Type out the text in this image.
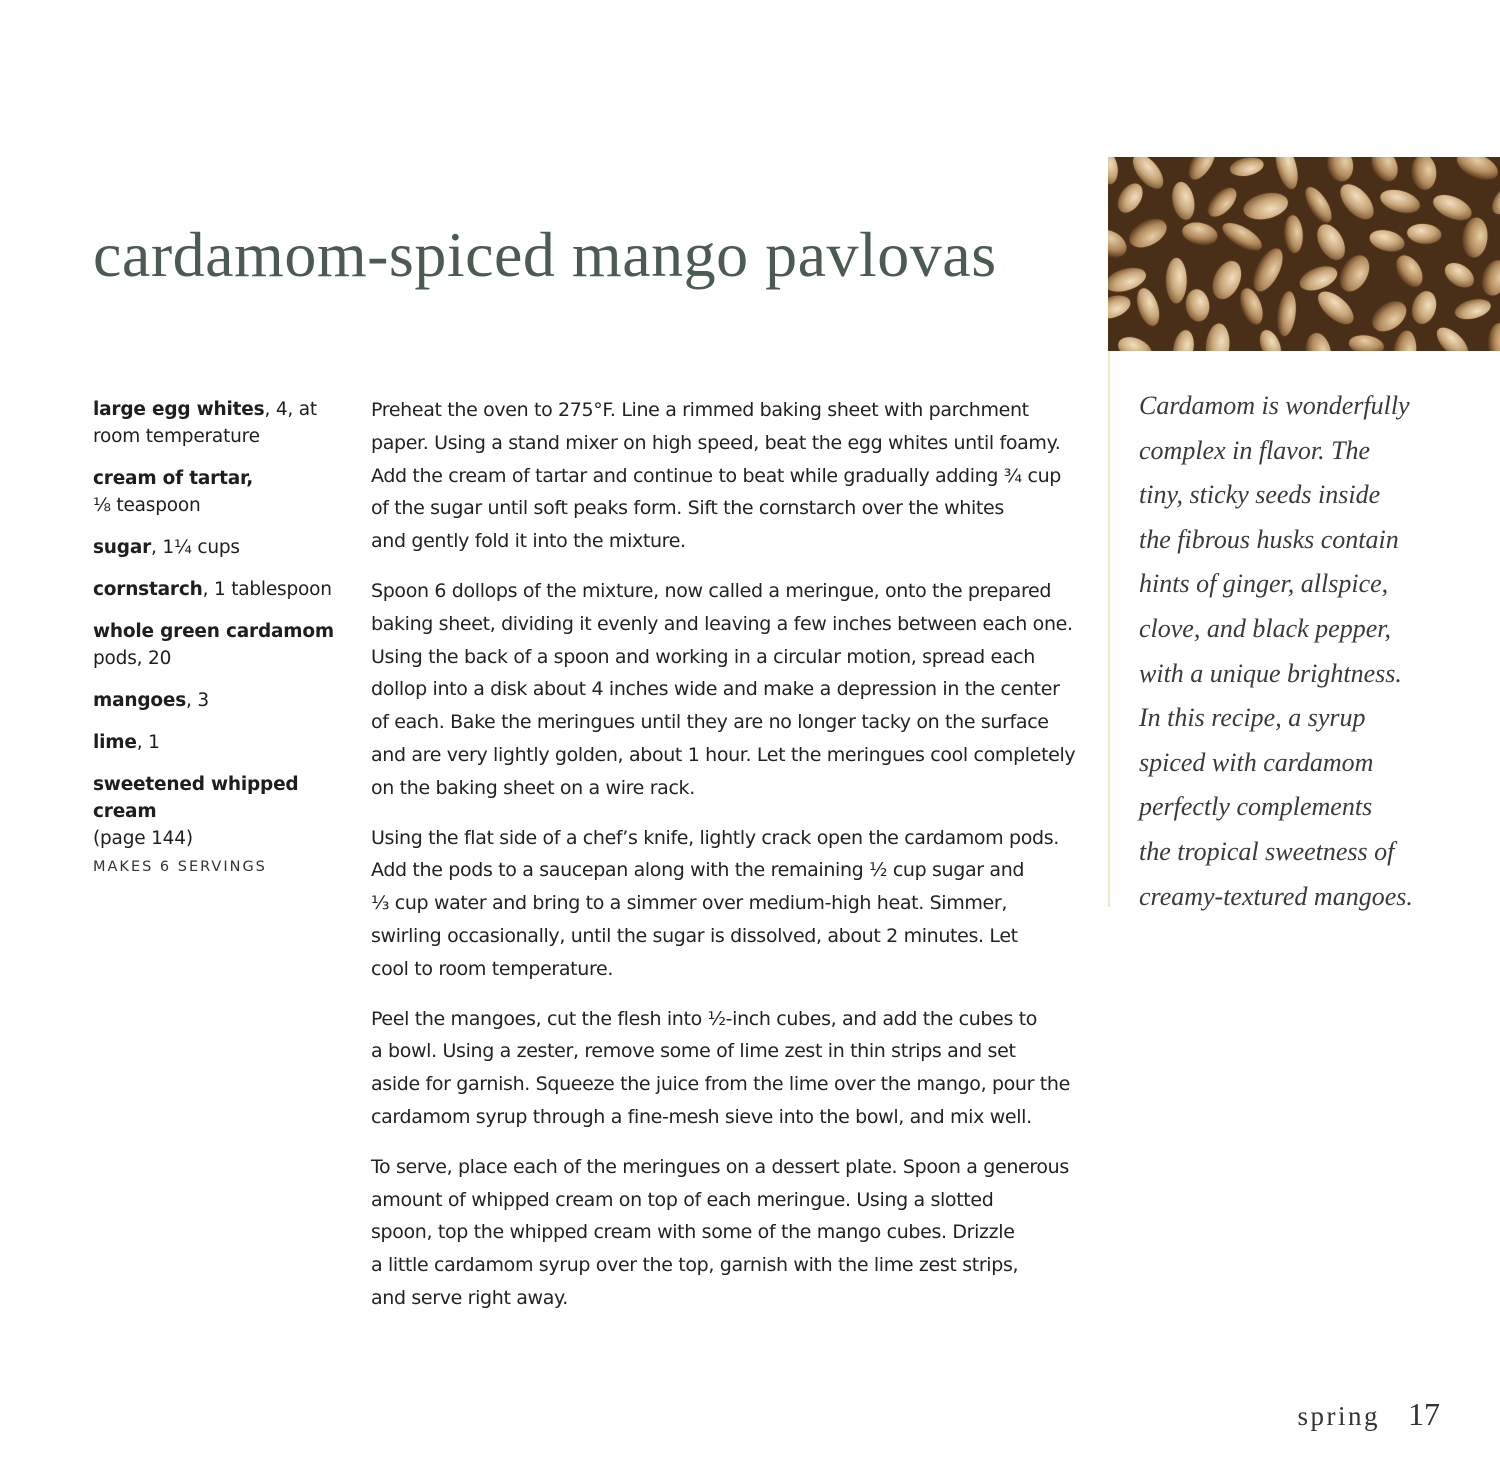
cardamom-spiced mango pavlovas
Cardamom is wonderfully
complex in flavor. The
tiny, sticky seeds inside
the fibrous husks contain
hints of ginger, allspice,
clove, and black pepper,
with a unique brightness.
In this recipe, a syrup
spiced with cardamom
perfectly complements
the tropical sweetness of
creamy-textured mangoes.
large egg whites, 4, at
room temperature
cream of tartar,
⅛ teaspoon
sugar, 1¼ cups
cornstarch, 1 tablespoon
whole green cardamom
pods, 20
mangoes, 3
lime, 1
sweetened whipped cream
(page 144)
MAKES 6 SERVINGS

Preheat the oven to 275°F. Line a rimmed baking sheet with parchment
paper. Using a stand mixer on high speed, beat the egg whites until foamy.
Add the cream of tartar and continue to beat while gradually adding ¾ cup
of the sugar until soft peaks form. Sift the cornstarch over the whites
and gently fold it into the mixture.

Spoon 6 dollops of the mixture, now called a meringue, onto the prepared
baking sheet, dividing it evenly and leaving a few inches between each one.
Using the back of a spoon and working in a circular motion, spread each
dollop into a disk about 4 inches wide and make a depression in the center
of each. Bake the meringues until they are no longer tacky on the surface
and are very lightly golden, about 1 hour. Let the meringues cool completely
on the baking sheet on a wire rack.

Using the flat side of a chef’s knife, lightly crack open the cardamom pods.
Add the pods to a saucepan along with the remaining ½ cup sugar and
⅓ cup water and bring to a simmer over medium-high heat. Simmer,
swirling occasionally, until the sugar is dissolved, about 2 minutes. Let
cool to room temperature.

Peel the mangoes, cut the flesh into ½-inch cubes, and add the cubes to
a bowl. Using a zester, remove some of lime zest in thin strips and set
aside for garnish. Squeeze the juice from the lime over the mango, pour the
cardamom syrup through a fine-mesh sieve into the bowl, and mix well.

To serve, place each of the meringues on a dessert plate. Spoon a generous
amount of whipped cream on top of each meringue. Using a slotted
spoon, top the whipped cream with some of the mango cubes. Drizzle
a little cardamom syrup over the top, garnish with the lime zest strips,
and serve right away.

spring 17
